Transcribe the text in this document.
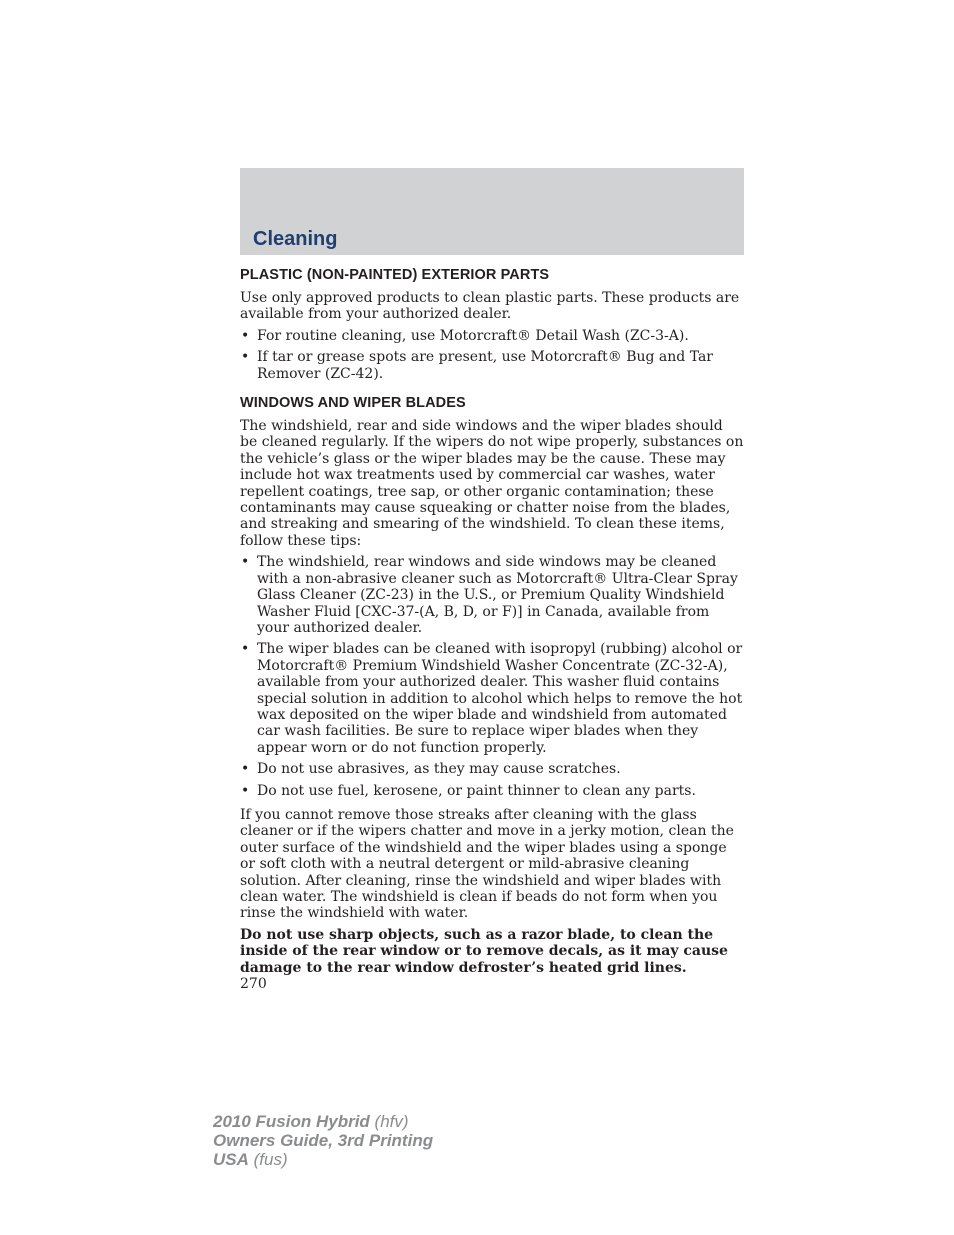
Cleaning
PLASTIC (NON-PAINTED) EXTERIOR PARTS

Use only approved products to clean plastic parts. These products are available from your authorized dealer.

• For routine cleaning, use Motorcraft® Detail Wash (ZC-3-A).
• If tar or grease spots are present, use Motorcraft® Bug and Tar Remover (ZC-42).
WINDOWS AND WIPER BLADES

The windshield, rear and side windows and the wiper blades should be cleaned regularly. If the wipers do not wipe properly, substances on the vehicle’s glass or the wiper blades may be the cause. These may include hot wax treatments used by commercial car washes, water repellent coatings, tree sap, or other organic contamination; these contaminants may cause squeaking or chatter noise from the blades, and streaking and smearing of the windshield. To clean these items, follow these tips:

• The windshield, rear windows and side windows may be cleaned with a non-abrasive cleaner such as Motorcraft® Ultra-Clear Spray Glass Cleaner (ZC-23) in the U.S., or Premium Quality Windshield Washer Fluid [CXC-37-(A, B, D, or F)] in Canada, available from your authorized dealer.
• The wiper blades can be cleaned with isopropyl (rubbing) alcohol or Motorcraft® Premium Windshield Washer Concentrate (ZC-32-A), available from your authorized dealer. This washer fluid contains special solution in addition to alcohol which helps to remove the hot wax deposited on the wiper blade and windshield from automated car wash facilities. Be sure to replace wiper blades when they appear worn or do not function properly.
• Do not use abrasives, as they may cause scratches.
• Do not use fuel, kerosene, or paint thinner to clean any parts.

If you cannot remove those streaks after cleaning with the glass cleaner or if the wipers chatter and move in a jerky motion, clean the outer surface of the windshield and the wiper blades using a sponge or soft cloth with a neutral detergent or mild-abrasive cleaning solution. After cleaning, rinse the windshield and wiper blades with clean water. The windshield is clean if beads do not form when you rinse the windshield with water.

Do not use sharp objects, such as a razor blade, to clean the inside of the rear window or to remove decals, as it may cause damage to the rear window defroster’s heated grid lines.

270

2010 Fusion Hybrid (hfv)
Owners Guide, 3rd Printing
USA (fus)
